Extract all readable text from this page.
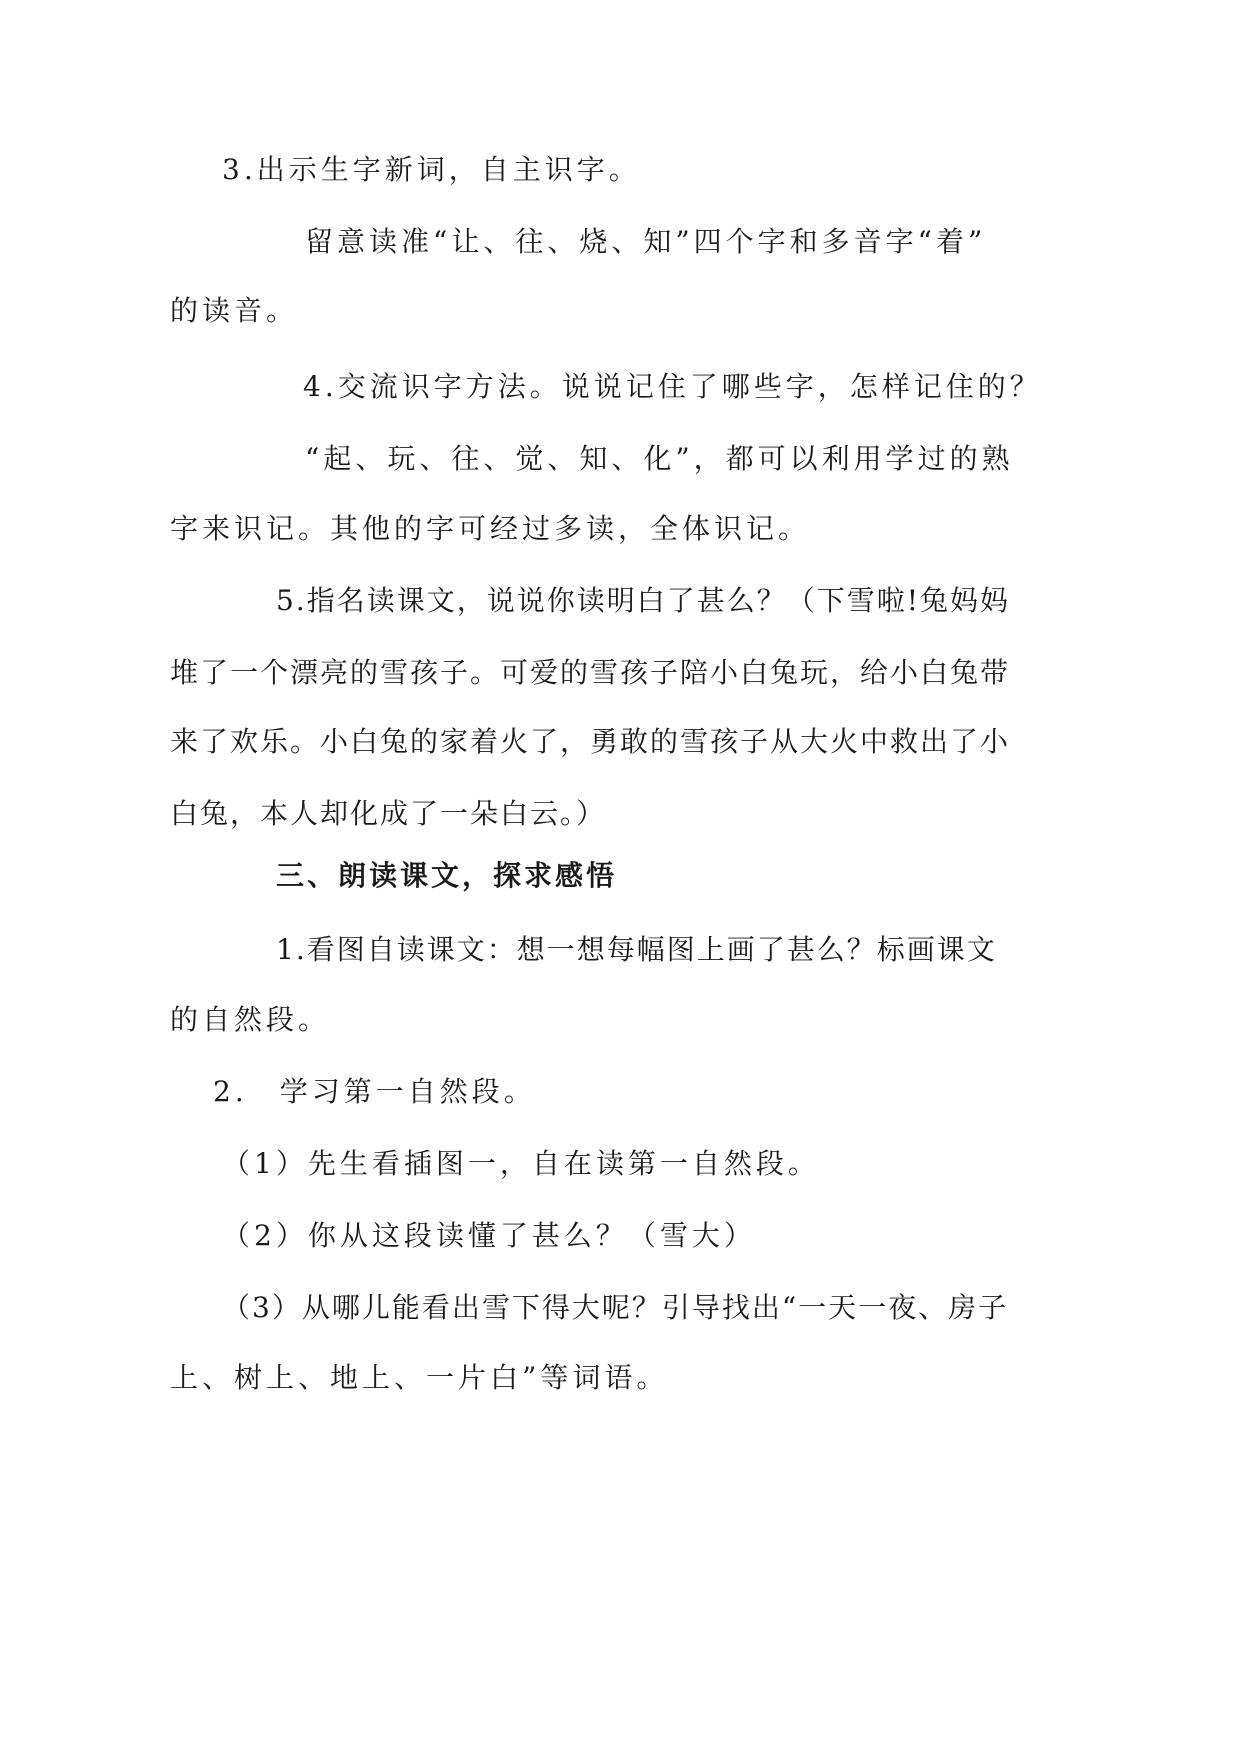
3.出示生字新词，自主识字。
留意读准“让、往、烧、知”四个字和多音字“着”
的读音。
4.交流识字方法。说说记住了哪些字，怎样记住的？
“起、玩、往、觉、知、化”，都可以利用学过的熟
字来识记。其他的字可经过多读，全体识记。
5.指名读课文，说说你读明白了甚么？（下雪啦!兔妈妈
堆了一个漂亮的雪孩子。可爱的雪孩子陪小白兔玩，给小白兔带
来了欢乐。小白兔的家着火了，勇敢的雪孩子从大火中救出了小
白兔，本人却化成了一朵白云。）
三、朗读课文，探求感悟
1.看图自读课文：想一想每幅图上画了甚么？标画课文
的自然段。
2.　学习第一自然段。
（1）先生看插图一，自在读第一自然段。
（2）你从这段读懂了甚么？（雪大）
（3）从哪儿能看出雪下得大呢？引导找出“一天一夜、房子
上、树上、地上、一片白”等词语。
